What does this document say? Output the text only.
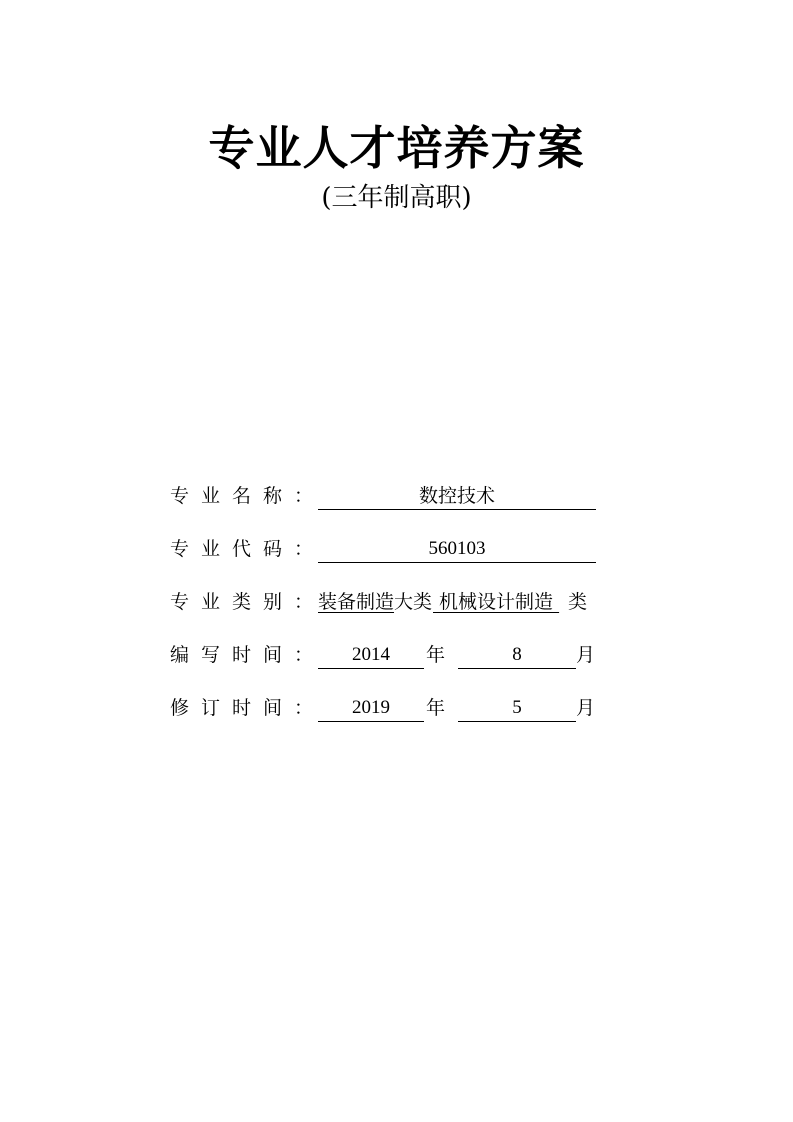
专业人才培养方案
(三年制高职)
专业名称 ：	数控技术
专业代码 ：	560103
专业类别 ： 装备制造 大类 机械设计制造 类
编写时间 ：	2014	年	8	月
修订时间 ：	2019	年	5	月
